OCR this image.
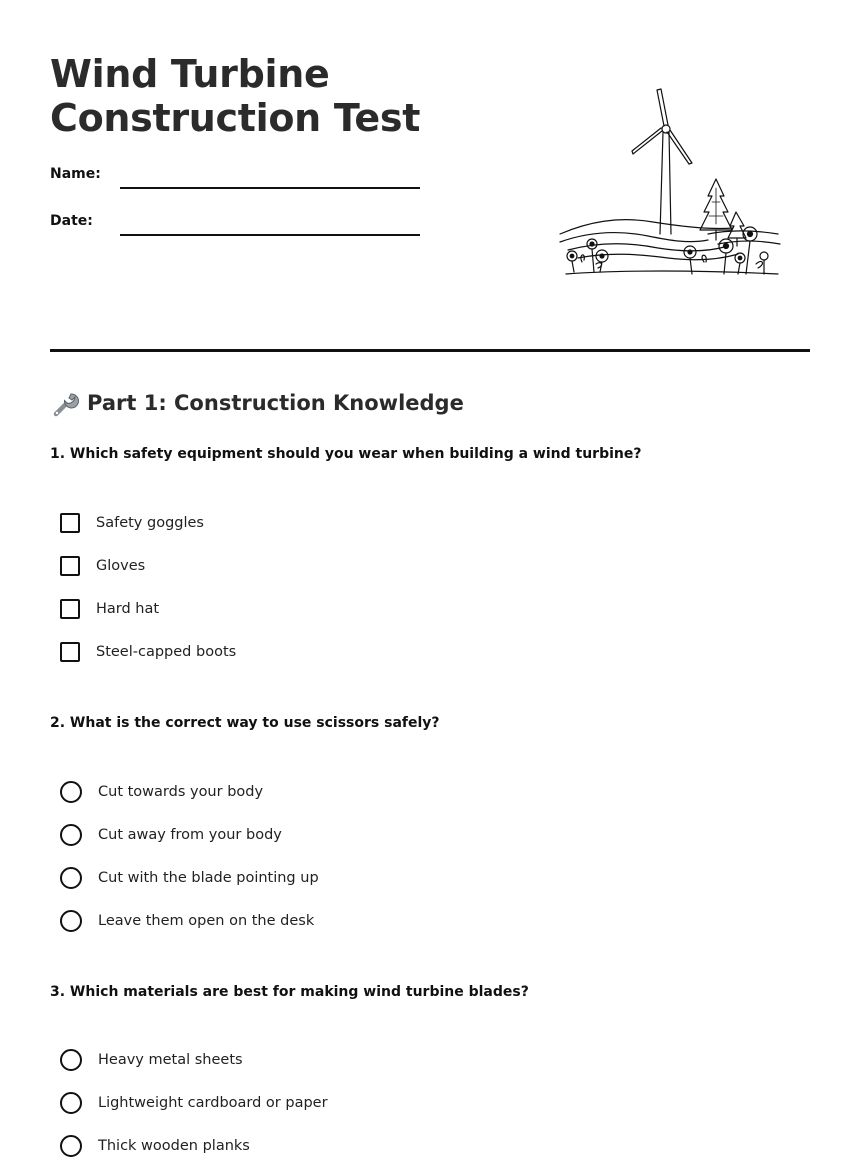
Wind Turbine
Construction Test
Name:
Date:
Part 1: Construction Knowledge
1. Which safety equipment should you wear when building a wind turbine?
Safety goggles
Gloves
Hard hat
Steel-capped boots
2. What is the correct way to use scissors safely?
Cut towards your body
Cut away from your body
Cut with the blade pointing up
Leave them open on the desk
3. Which materials are best for making wind turbine blades?
Heavy metal sheets
Lightweight cardboard or paper
Thick wooden planks
